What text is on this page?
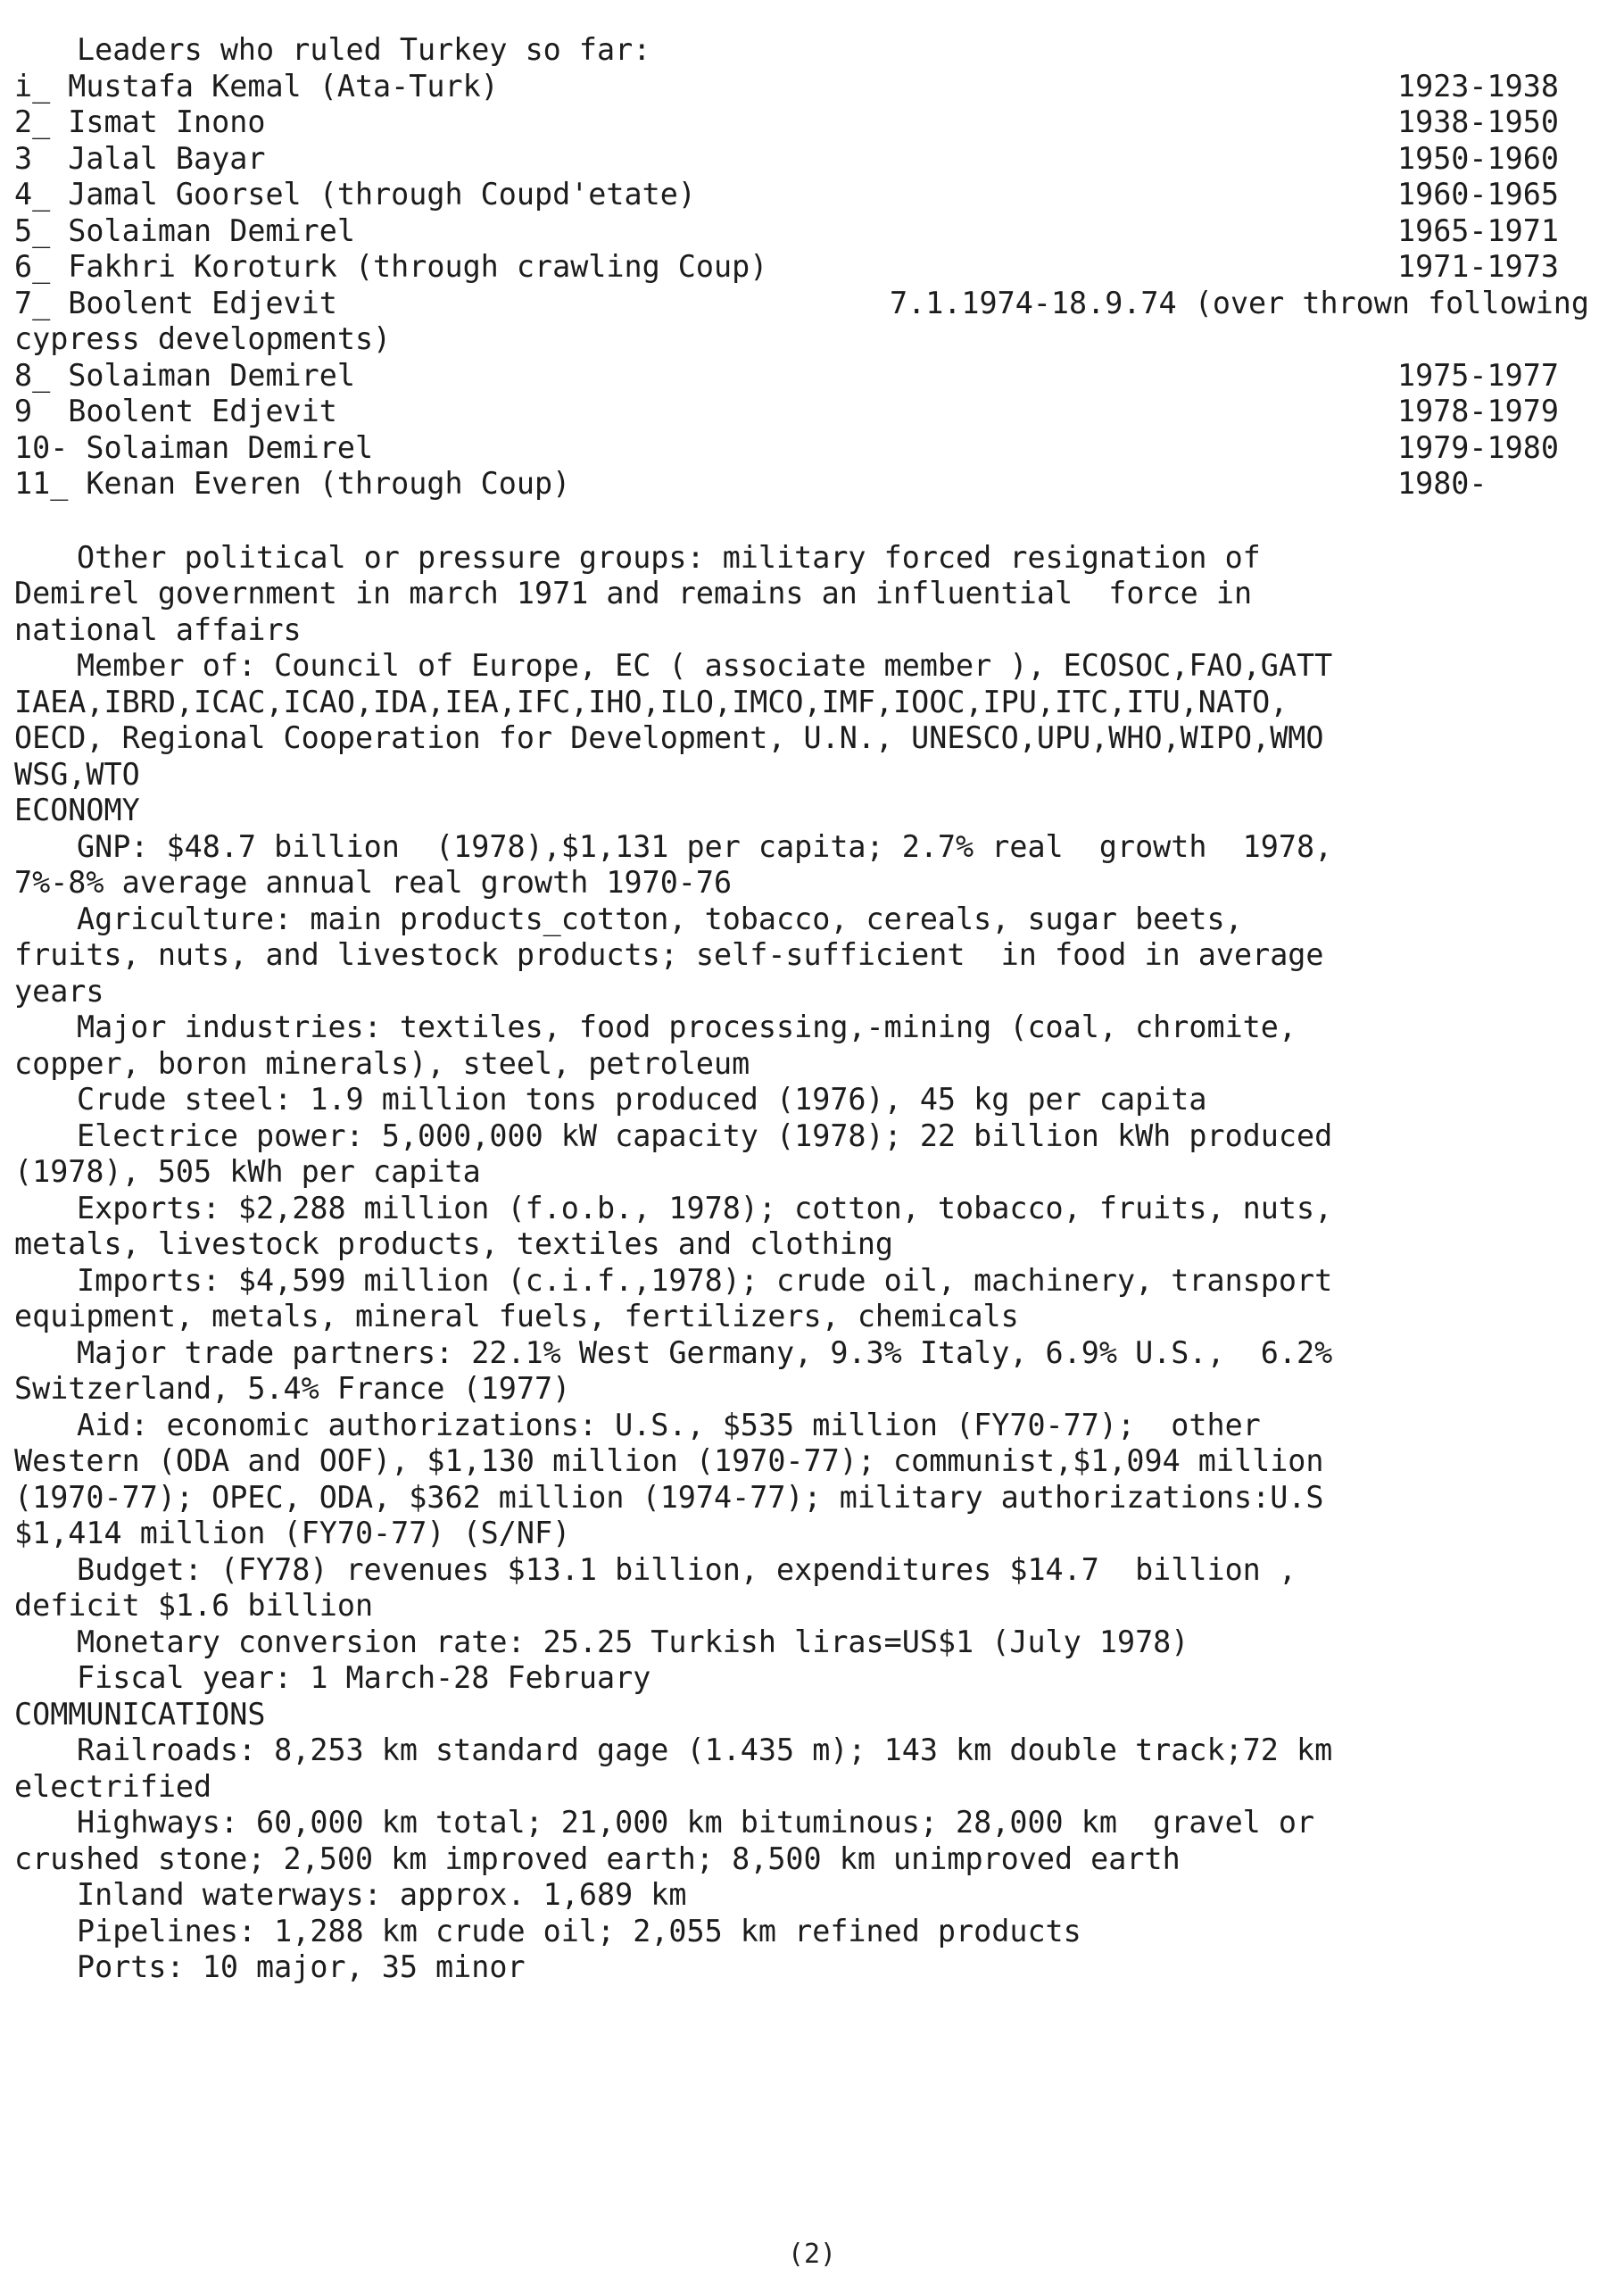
Leaders who ruled Turkey so far:
i_ Mustafa Kemal (Ata-Turk)	1923-1938
2_ Ismat Inono	1938-1950
3  Jalal Bayar	1950-1960
4_ Jamal Goorsel (through Coupd'etate)	1960-1965
5_ Solaiman Demirel	1965-1971
6_ Fakhri Koroturk (through crawling Coup)	1971-1973
7_ Boolent Edjevit	7.1.1974-18.9.74 (over thrown following
cypress developments)
8_ Solaiman Demirel	1975-1977
9  Boolent Edjevit	1978-1979
10- Solaiman Demirel	1979-1980
11_ Kenan Everen (through Coup)	1980-
Other political or pressure groups: military forced resignation of
Demirel government in march 1971 and remains an influential  force in
national affairs
Member of: Council of Europe, EC ( associate member ), ECOSOC,FAO,GATT
IAEA,IBRD,ICAC,ICAO,IDA,IEA,IFC,IHO,ILO,IMCO,IMF,IOOC,IPU,ITC,ITU,NATO,
OECD, Regional Cooperation for Development, U.N., UNESCO,UPU,WHO,WIPO,WMO
WSG,WTO
ECONOMY
GNP: $48.7 billion  (1978),$1,131 per capita; 2.7% real  growth  1978,
7%-8% average annual real growth 1970-76
Agriculture: main products_cotton, tobacco, cereals, sugar beets,
fruits, nuts, and livestock products; self-sufficient  in food in average
years
Major industries: textiles, food processing,-mining (coal, chromite,
copper, boron minerals), steel, petroleum
Crude steel: 1.9 million tons produced (1976), 45 kg per capita
Electrice power: 5,000,000 kW capacity (1978); 22 billion kWh produced
(1978), 505 kWh per capita
Exports: $2,288 million (f.o.b., 1978); cotton, tobacco, fruits, nuts,
metals, livestock products, textiles and clothing
Imports: $4,599 million (c.i.f.,1978); crude oil, machinery, transport
equipment, metals, mineral fuels, fertilizers, chemicals
Major trade partners: 22.1% West Germany, 9.3% Italy, 6.9% U.S.,  6.2%
Switzerland, 5.4% France (1977)
Aid: economic authorizations: U.S., $535 million (FY70-77);  other
Western (ODA and OOF), $1,130 million (1970-77); communist,$1,094 million
(1970-77); OPEC, ODA, $362 million (1974-77); military authorizations:U.S
$1,414 million (FY70-77) (S/NF)
Budget: (FY78) revenues $13.1 billion, expenditures $14.7  billion ,
deficit $1.6 billion
Monetary conversion rate: 25.25 Turkish liras=US$1 (July 1978)
Fiscal year: 1 March-28 February
COMMUNICATIONS
Railroads: 8,253 km standard gage (1.435 m); 143 km double track;72 km
electrified
Highways: 60,000 km total; 21,000 km bituminous; 28,000 km  gravel or
crushed stone; 2,500 km improved earth; 8,500 km unimproved earth
Inland waterways: approx. 1,689 km
Pipelines: 1,288 km crude oil; 2,055 km refined products
Ports: 10 major, 35 minor
(2)
